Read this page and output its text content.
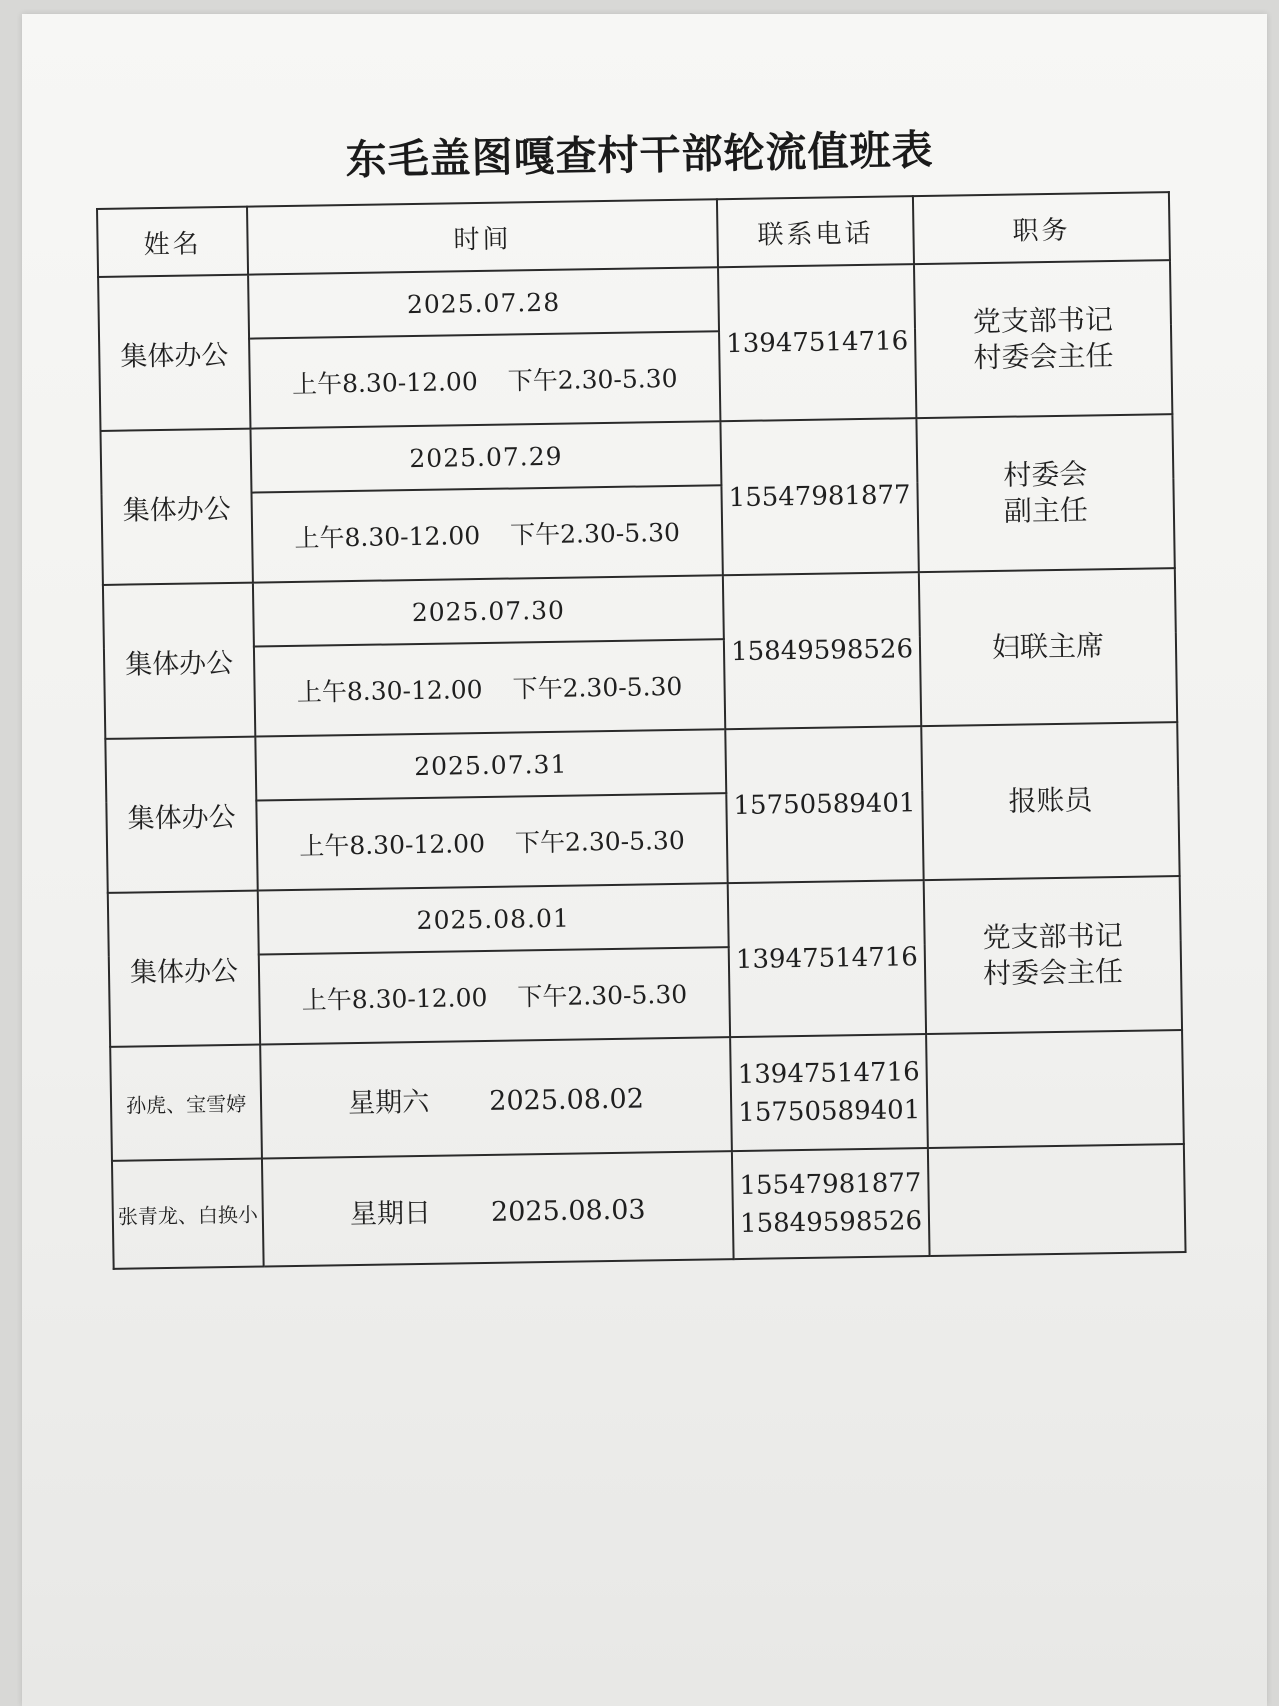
东毛盖图嘎查村干部轮流值班表
姓名	时间	联系电话	职务
集体办公	2025.07.28	13947514716	党支部书记
村委会主任

	上午8.30-12.00 下午2.30-5.30		
集体办公	2025.07.29	15547981877	村委会
副主任

	上午8.30-12.00 下午2.30-5.30		
集体办公	2025.07.30	15849598526	妇联主席

	上午8.30-12.00 下午2.30-5.30		
集体办公	2025.07.31	15750589401	报账员

	上午8.30-12.00 下午2.30-5.30		
集体办公	2025.08.01	13947514716	党支部书记
村委会主任

	上午8.30-12.00 下午2.30-5.30		
孙虎、宝雪婷	星期六 2025.08.02	13947514716
15750589401	

张青龙、白换小	星期日 2025.08.03	15547981877
15849598526	
